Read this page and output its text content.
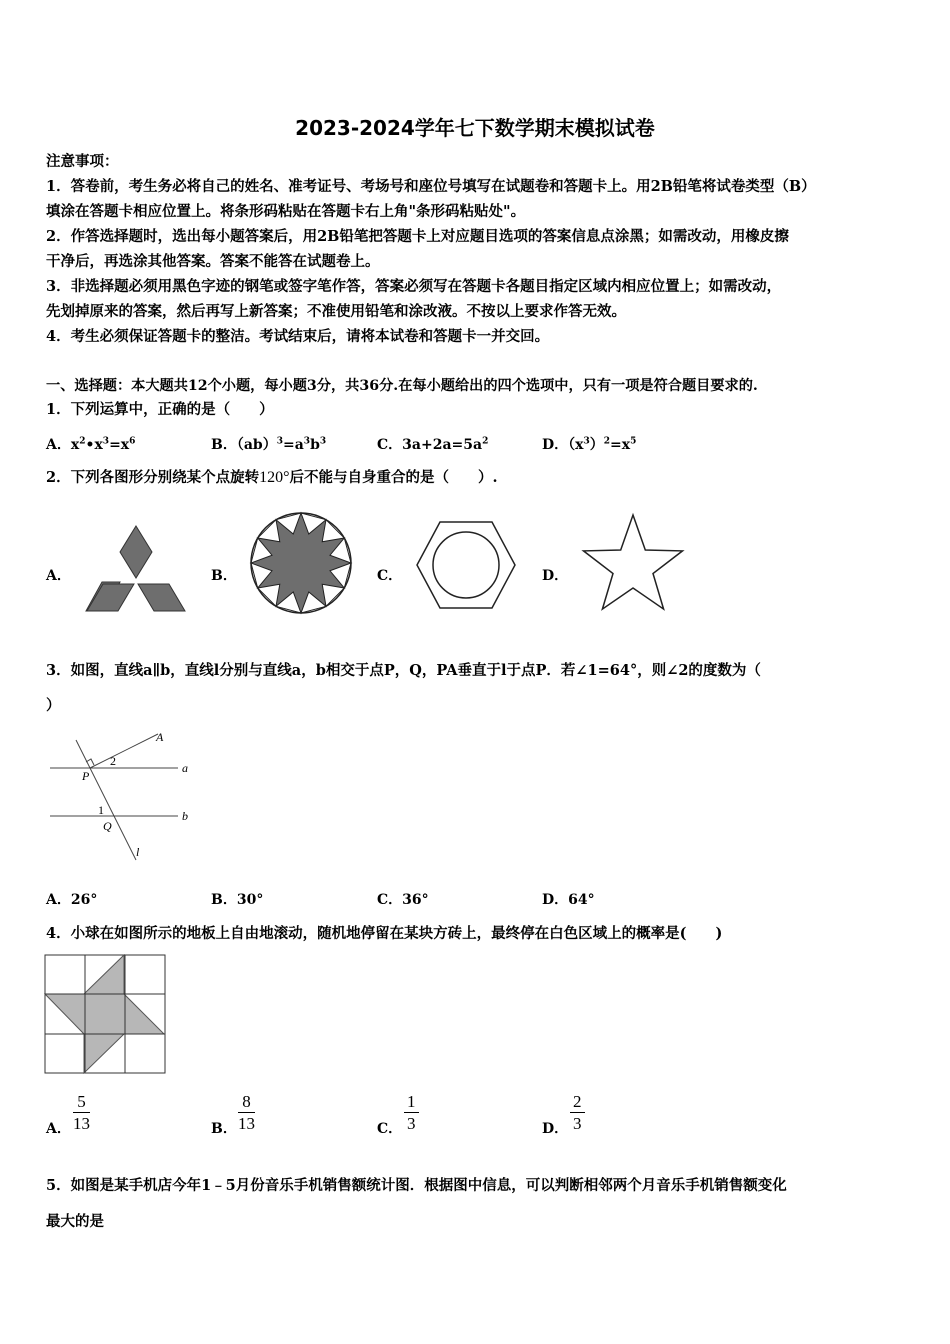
2023-2024学年七下数学期末模拟试卷
注意事项：
1．答卷前，考生务必将自己的姓名、准考证号、考场号和座位号填写在试题卷和答题卡上。用2B铅笔将试卷类型（B）
填涂在答题卡相应位置上。将条形码粘贴在答题卡右上角"条形码粘贴处"。
2．作答选择题时，选出每小题答案后，用2B铅笔把答题卡上对应题目选项的答案信息点涂黑；如需改动，用橡皮擦
干净后，再选涂其他答案。答案不能答在试题卷上。
3．非选择题必须用黑色字迹的钢笔或签字笔作答，答案必须写在答题卡各题目指定区域内相应位置上；如需改动，
先划掉原来的答案，然后再写上新答案；不准使用铅笔和涂改液。不按以上要求作答无效。
4．考生必须保证答题卡的整洁。考试结束后，请将本试卷和答题卡一并交回。
一、选择题：本大题共12个小题，每小题3分，共36分.在每小题给出的四个选项中，只有一项是符合题目要求的.
1．下列运算中，正确的是（　　）
A．$x^2•x^3=x^6$	B．$(ab)^3=a^3b^3$	C．$3a+2a=5a^2$	D．$(x^3)^2=x^5$
2．下列各图形分别绕某个点旋转120°后不能与自身重合的是（　　）.
A．	B．	C．	D．
3．如图，直线a∥b，直线l分别与直线a，b相交于点P，Q，PA垂直于l于点P．若∠1=64°，则∠2的度数为（
）
A
a
b
P
Q
l
1
2
A．26°	B．30°	C．36°	D．64°
4．小球在如图所示的地板上自由地滚动，随机地停留在某块方砖上，最终停在白色区域上的概率是(　　)
A． $\frac{5}{13}$	B． $\frac{8}{13}$	C． $\frac{1}{3}$	D． $\frac{2}{3}$
5．如图是某手机店今年1﹣5月份音乐手机销售额统计图．根据图中信息，可以判断相邻两个月音乐手机销售额变化
最大的是
